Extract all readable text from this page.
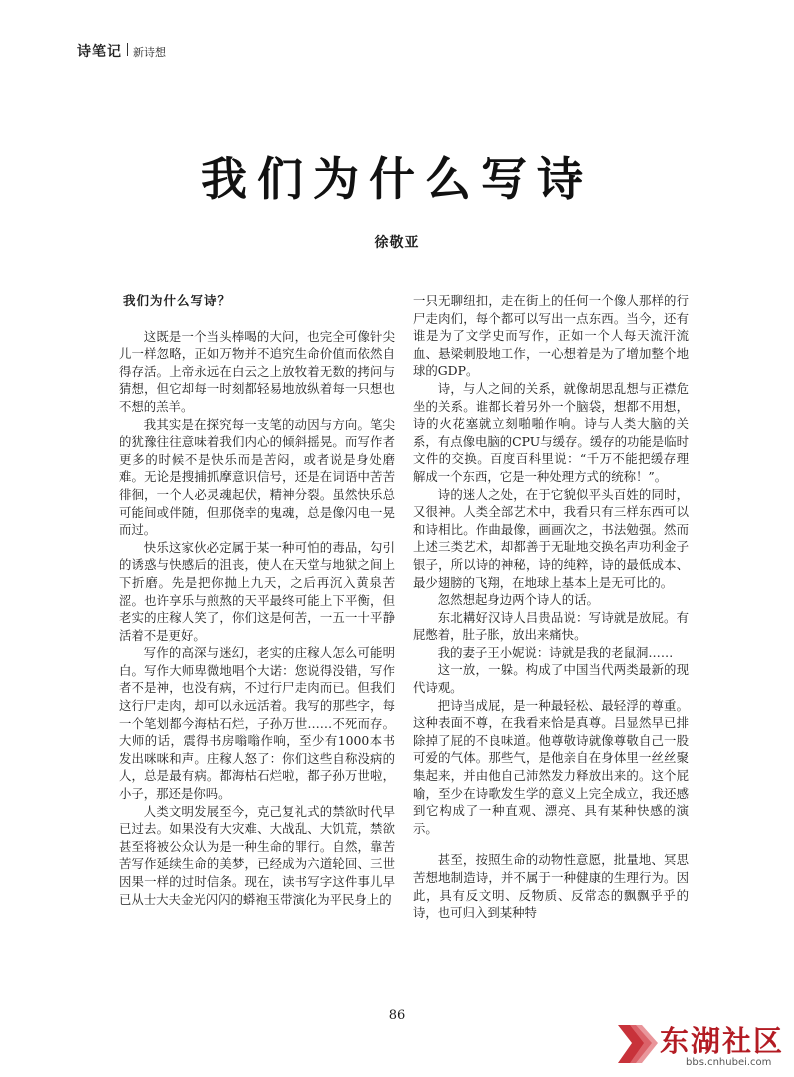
诗笔记 新诗想
我们为什么写诗
徐敬亚
我们为什么写诗？

这既是一个当头棒喝的大问，也完全可像针尖儿一样忽略，正如万物并不追究生命价值而依然自得存活。上帝永远在白云之上放牧着无数的拷问与猜想，但它却每一时刻都轻易地放纵着每一只想也不想的羔羊。

我其实是在探究每一支笔的动因与方向。笔尖的犹豫往往意味着我们内心的倾斜摇晃。而写作者更多的时候不是快乐而是苦闷，或者说是身处磨难。无论是搜捕抓摩意识信号，还是在词语中苦苦徘徊，一个人必灵魂起伏，精神分裂。虽然快乐总可能间或伴随，但那侥幸的鬼魂，总是像闪电一晃而过。

快乐这家伙必定属于某一种可怕的毒品，勾引的诱惑与快感后的沮丧，使人在天堂与地狱之间上下折磨。先是把你抛上九天，之后再沉入黄泉苦涩。也许享乐与煎熬的天平最终可能上下平衡，但老实的庄稼人笑了，你们这是何苦，一五一十平静活着不是更好。

写作的高深与迷幻，老实的庄稼人怎么可能明白。写作大师卑微地唱个大诺：您说得没错，写作者不是神，也没有病，不过行尸走肉而已。但我们这行尸走肉，却可以永远活着。我写的那些字，每一个笔划都今海枯石烂，子孙万世……不死而存。大师的话，震得书房嗡嗡作响，至少有1000本书发出咪咪和声。庄稼人怒了：你们这些自称没病的人，总是最有病。都海枯石烂啦，都子孙万世啦，小子，那还是你吗。

人类文明发展至今，克己复礼式的禁欲时代早已过去。如果没有大灾难、大战乱、大饥荒，禁欲甚至将被公众认为是一种生命的罪行。自然，靠苦苦写作延续生命的美梦，已经成为六道轮回、三世因果一样的过时信条。现在，读书写字这件事儿早已从士大夫金光闪闪的蟒袍玉带演化为平民身上的

一只无聊纽扣，走在街上的任何一个像人那样的行尸走肉们，每个都可以写出一点东西。当今，还有谁是为了文学史而写作，正如一个人每天流汗流血、悬梁刺股地工作，一心想着是为了增加整个地球的GDP。

诗，与人之间的关系，就像胡思乱想与正襟危坐的关系。谁都长着另外一个脑袋，想都不用想，诗的火花塞就立刻啪啪作响。诗与人类大脑的关系，有点像电脑的CPU与缓存。缓存的功能是临时文件的交换。百度百科里说：“千万不能把缓存理解成一个东西，它是一种处理方式的统称！”。

诗的迷人之处，在于它貌似平头百姓的同时，又很神。人类全部艺术中，我看只有三样东西可以和诗相比。作曲最像，画画次之，书法勉强。然而上述三类艺术，却都善于无耻地交换名声功利金子银子，所以诗的神秘，诗的纯粹，诗的最低成本、最少翅膀的飞翔，在地球上基本上是无可比的。

忽然想起身边两个诗人的话。

东北耩好汉诗人吕贵品说：写诗就是放屁。有屁憋着，肚子胀，放出来痛快。

我的妻子王小妮说：诗就是我的老鼠洞……

这一放，一躲。构成了中国当代两类最新的现代诗观。

把诗当成屁，是一种最轻松、最轻浮的尊重。这种表面不尊，在我看来恰是真尊。吕显然早已排除掉了屁的不良味道。他尊敬诗就像尊敬自己一股可爱的气体。那些气，是他亲自在身体里一丝丝聚集起来，并由他自己沛然发力释放出来的。这个屁喻，至少在诗歌发生学的意义上完全成立，我还感到它构成了一种直观、漂亮、具有某种快感的演示。

甚至，按照生命的动物性意愿，批量地、冥思苦想地制造诗，并不属于一种健康的生理行为。因此，具有反文明、反物质、反常态的飘飘乎乎的诗，也可归入到某种特

86
东湖社区
bbs.cnhubei.com
